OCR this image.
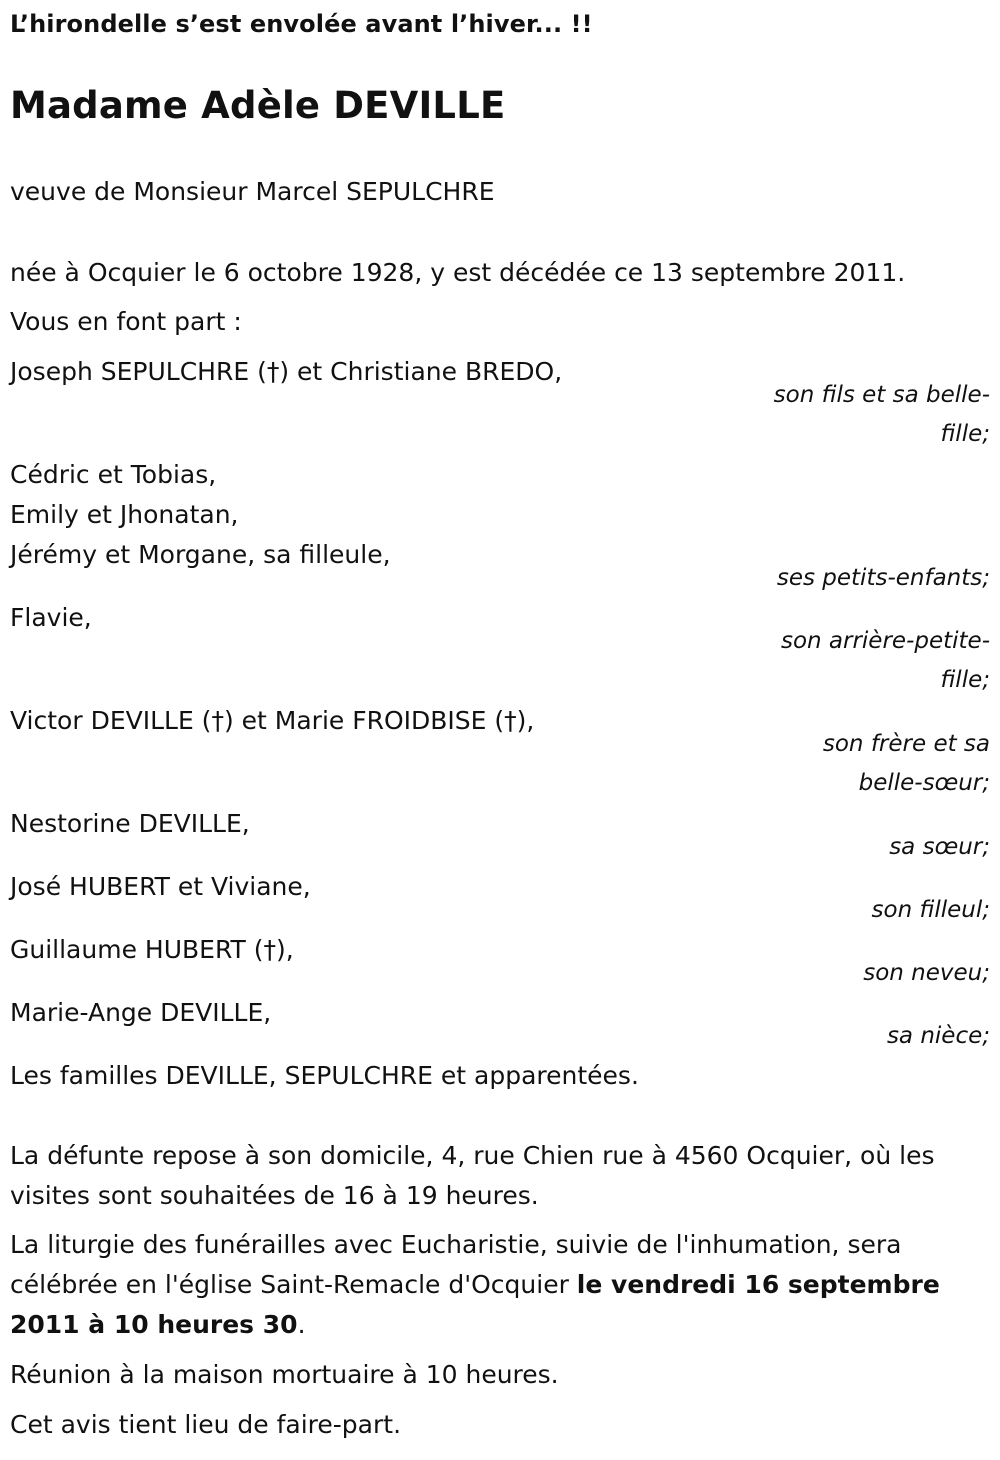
L’hirondelle s’est envolée avant l’hiver... !!
Madame Adèle DEVILLE
veuve de Monsieur Marcel SEPULCHRE
née à Ocquier le 6 octobre 1928, y est décédée ce 13 septembre 2011.
Vous en font part :
Joseph SEPULCHRE (†) et Christiane BREDO,
son fils et sa belle-
fille;
Cédric et Tobias,
Emily et Jhonatan,
Jérémy et Morgane, sa filleule,
ses petits-enfants;
Flavie,
son arrière-petite-
fille;
Victor DEVILLE (†) et Marie FROIDBISE (†),
son frère et sa
belle-sœur;
Nestorine DEVILLE,
sa sœur;
José HUBERT et Viviane,
son filleul;
Guillaume HUBERT (†),
son neveu;
Marie-Ange DEVILLE,
sa nièce;
Les familles DEVILLE, SEPULCHRE et apparentées.
La défunte repose à son domicile, 4, rue Chien rue à 4560 Ocquier, où les visites sont souhaitées de 16 à 19 heures.
La liturgie des funérailles avec Eucharistie, suivie de l'inhumation, sera célébrée en l'église Saint-Remacle d'Ocquier le vendredi 16 septembre 2011 à 10 heures 30.
Réunion à la maison mortuaire à 10 heures.
Cet avis tient lieu de faire-part.
